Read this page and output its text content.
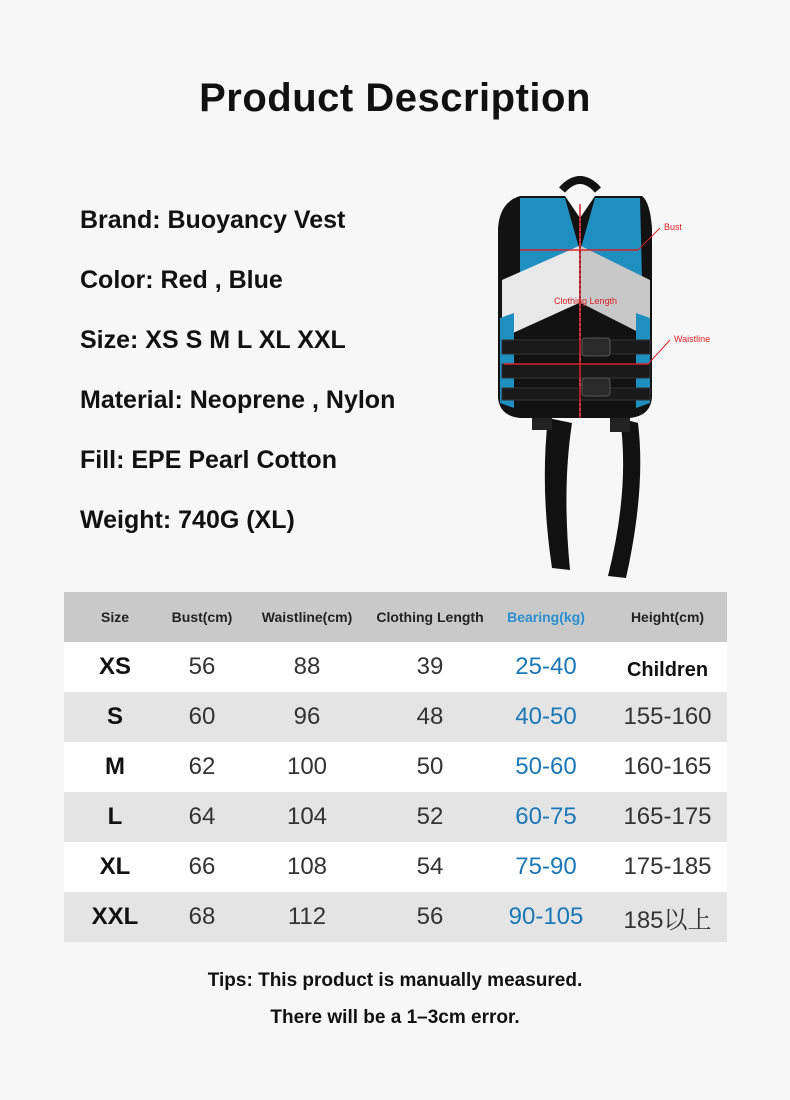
Product Description
Brand: Buoyancy Vest
Color: Red , Blue
Size: XS S M L XL XXL
Material: Neoprene , Nylon
Fill: EPE Pearl Cotton
Weight: 740G (XL)
Bust
Clothing Length
Waistline
Size	Bust(cm)	Waistline(cm)	Clothing Length	Bearing(kg)	Height(cm)
XS	56	88	39	25-40	Children
S	60	96	48	40-50	155-160
M	62	100	50	50-60	160-165
L	64	104	52	60-75	165-175
XL	66	108	54	75-90	175-185
XXL	68	112	56	90-105	185以上
Tips: This product is manually measured.
There will be a 1–3cm error.
